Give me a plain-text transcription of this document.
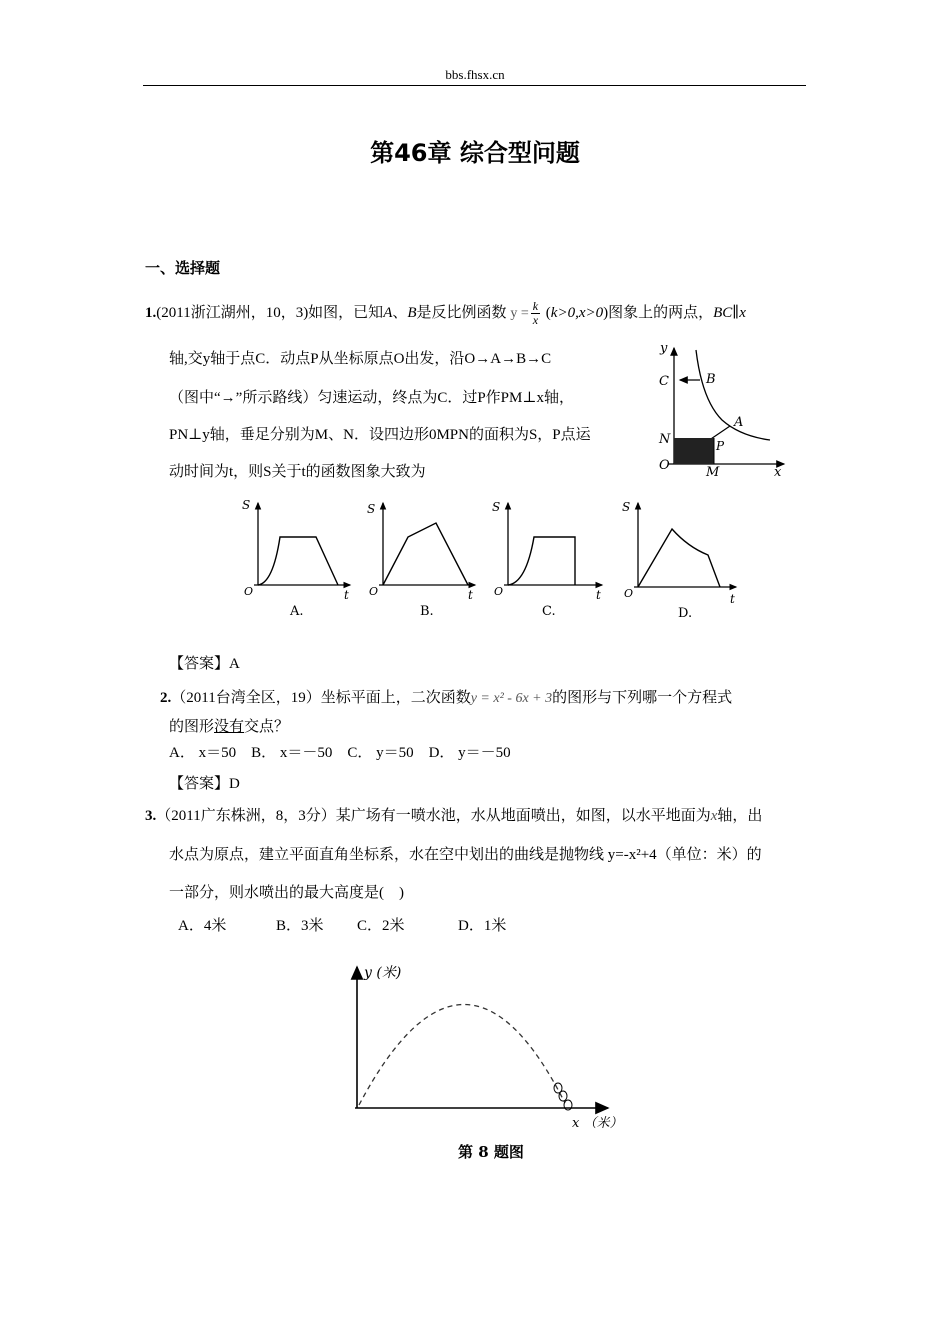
bbs.fhsx.cn
第46章 综合型问题
一、选择题
1.(2011浙江湖州，10，3)如图，已知A、B是反比例函数 $y = \frac{k}{x} (k>0,x>0)$图象上的两点，BC∥x
轴,交y轴于点C．动点P从坐标原点O出发，沿O→A→B→C
（图中“→”所示路线）匀速运动，终点为C．过P作PM⊥x轴，
PN⊥y轴，垂足分别为M、N．设四边形0MPN的面积为S，P点运
动时间为t，则S关于t的函数图象大致为
y
x
C	B
A
N	P
O	M
S
t
O
A.
S
t
O
B.
S
t
O
C.
S
t
O
D.
【答案】A
2.（2011台湾全区，19）坐标平面上，二次函数y = x² - 6x + 3的图形与下列哪一个方程式
的图形没有交点？
A． x＝50　B． x＝－50　C． y＝50　D． y＝－50
【答案】D
3.（2011广东株洲，8，3分）某广场有一喷水池，水从地面喷出，如图，以水平地面为x轴，出
水点为原点，建立平面直角坐标系，水在空中划出的曲线是抛物线 y=-x²+4（单位：米）的
一部分，则水喷出的最大高度是(　)
A．4米	B．3米 C．2米	D．1米
y (米)
x （米）
第 8 题图
